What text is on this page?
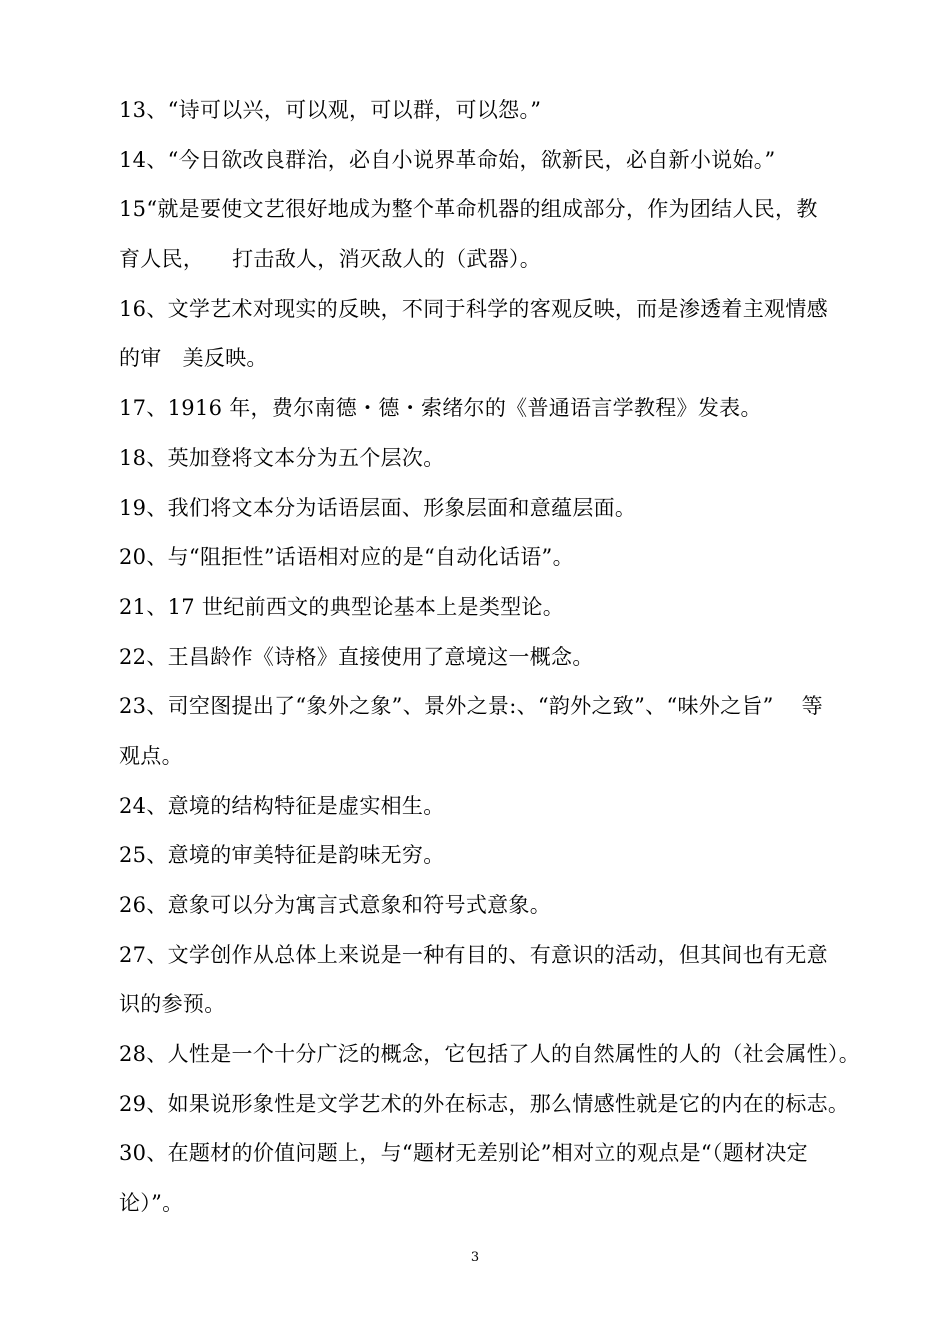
13、“诗可以兴，可以观，可以群，可以怨。”
14、“今日欲改良群治，必自小说界革命始，欲新民，必自新小说始。”
15“就是要使文艺很好地成为整个革命机器的组成部分，作为团结人民，教
育人民，    打击敌人，消灭敌人的（武器）。
16、文学艺术对现实的反映，不同于科学的客观反映，而是渗透着主观情感
的审   美反映。
17、1916 年，费尔南德・德・索绪尔的《普通语言学教程》发表。
18、英加登将文本分为五个层次。
19、我们将文本分为话语层面、形象层面和意蕴层面。
20、与“阻拒性”话语相对应的是“自动化话语”。
21、17 世纪前西文的典型论基本上是类型论。
22、王昌龄作《诗格》直接使用了意境这一概念。
23、司空图提出了“象外之象”、景外之景:、“韵外之致”、“味外之旨”    等
观点。
24、意境的结构特征是虚实相生。
25、意境的审美特征是韵味无穷。
26、意象可以分为寓言式意象和符号式意象。
27、文学创作从总体上来说是一种有目的、有意识的活动，但其间也有无意
识的参预。
28、人性是一个十分广泛的概念，它包括了人的自然属性的人的（社会属性）。
29、如果说形象性是文学艺术的外在标志，那么情感性就是它的内在的标志。
30、在题材的价值问题上，与“题材无差别论”相对立的观点是“（题材决定
论）”。
3
